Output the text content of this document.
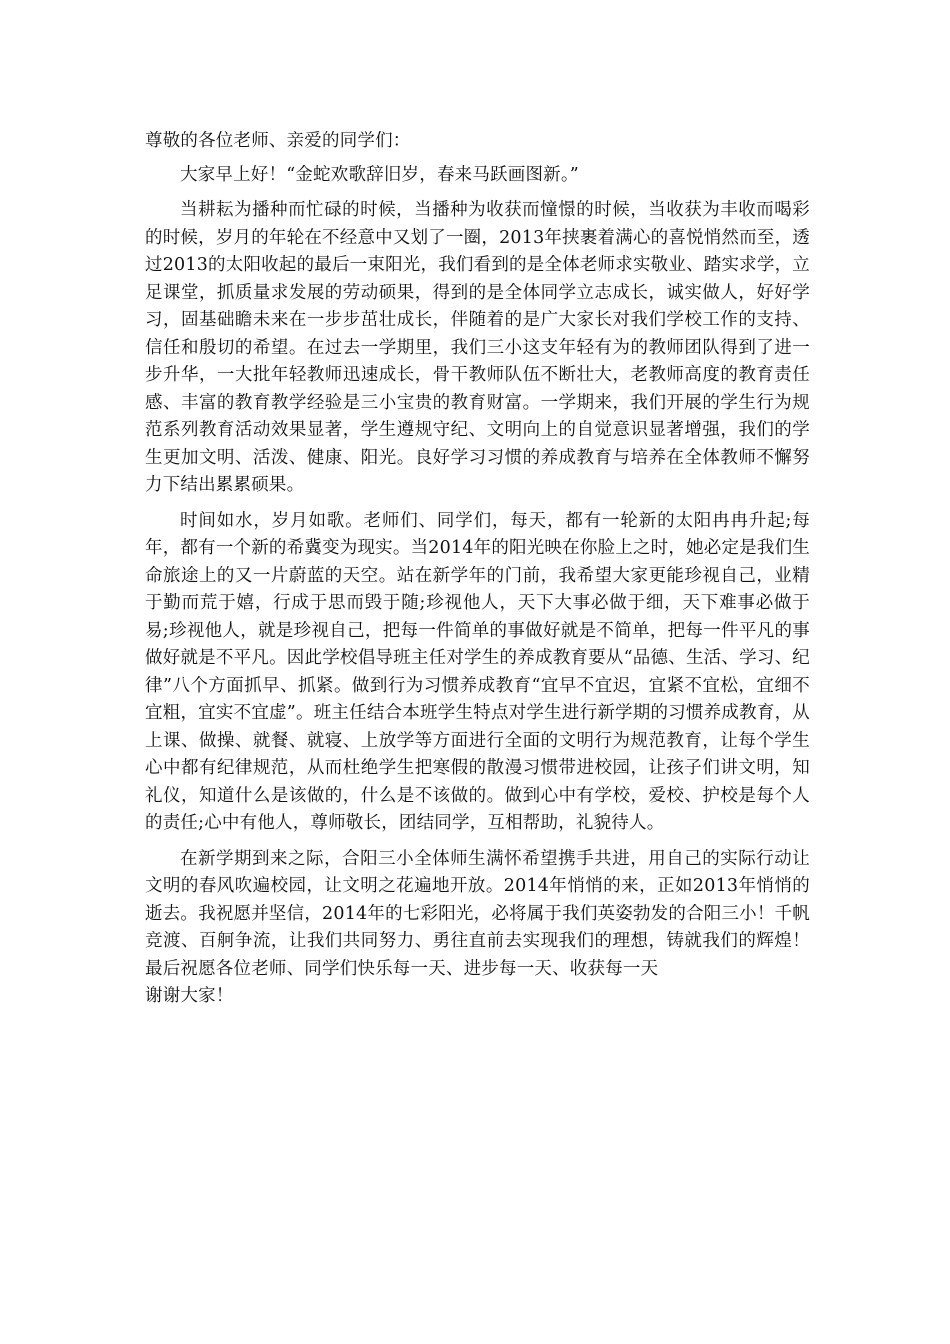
尊敬的各位老师、亲爱的同学们：

大家早上好！“金蛇欢歌辞旧岁，春来马跃画图新。”

当耕耘为播种而忙碌的时候，当播种为收获而憧憬的时候，当收获为丰收而喝彩的时候，岁月的年轮在不经意中又划了一圈，2013年挟裹着满心的喜悦悄然而至，透过2013的太阳收起的最后一束阳光，我们看到的是全体老师求实敬业、踏实求学，立足课堂，抓质量求发展的劳动硕果，得到的是全体同学立志成长，诚实做人，好好学习，固基础瞻未来在一步步茁壮成长，伴随着的是广大家长对我们学校工作的支持、信任和殷切的希望。在过去一学期里，我们三小这支年轻有为的教师团队得到了进一步升华，一大批年轻教师迅速成长，骨干教师队伍不断壮大，老教师高度的教育责任感、丰富的教育教学经验是三小宝贵的教育财富。一学期来，我们开展的学生行为规范系列教育活动效果显著，学生遵规守纪、文明向上的自觉意识显著增强，我们的学生更加文明、活泼、健康、阳光。良好学习习惯的养成教育与培养在全体教师不懈努力下结出累累硕果。

时间如水，岁月如歌。老师们、同学们，每天，都有一轮新的太阳冉冉升起;每年，都有一个新的希冀变为现实。当2014年的阳光映在你脸上之时，她必定是我们生命旅途上的又一片蔚蓝的天空。站在新学年的门前，我希望大家更能珍视自己，业精于勤而荒于嬉，行成于思而毁于随;珍视他人，天下大事必做于细，天下难事必做于易;珍视他人，就是珍视自己，把每一件简单的事做好就是不简单，把每一件平凡的事做好就是不平凡。因此学校倡导班主任对学生的养成教育要从“品德、生活、学习、纪律”八个方面抓早、抓紧。做到行为习惯养成教育“宜早不宜迟，宜紧不宜松，宜细不宜粗，宜实不宜虚”。班主任结合本班学生特点对学生进行新学期的习惯养成教育，从上课、做操、就餐、就寝、上放学等方面进行全面的文明行为规范教育，让每个学生心中都有纪律规范，从而杜绝学生把寒假的散漫习惯带进校园，让孩子们讲文明，知礼仪，知道什么是该做的，什么是不该做的。做到心中有学校，爱校、护校是每个人的责任;心中有他人，尊师敬长，团结同学，互相帮助，礼貌待人。

在新学期到来之际，合阳三小全体师生满怀希望携手共进，用自己的实际行动让文明的春风吹遍校园，让文明之花遍地开放。2014年悄悄的来，正如2013年悄悄的逝去。我祝愿并坚信，2014年的七彩阳光，必将属于我们英姿勃发的合阳三小！千帆竞渡、百舸争流，让我们共同努力、勇往直前去实现我们的理想，铸就我们的辉煌！最后祝愿各位老师、同学们快乐每一天、进步每一天、收获每一天

谢谢大家！
